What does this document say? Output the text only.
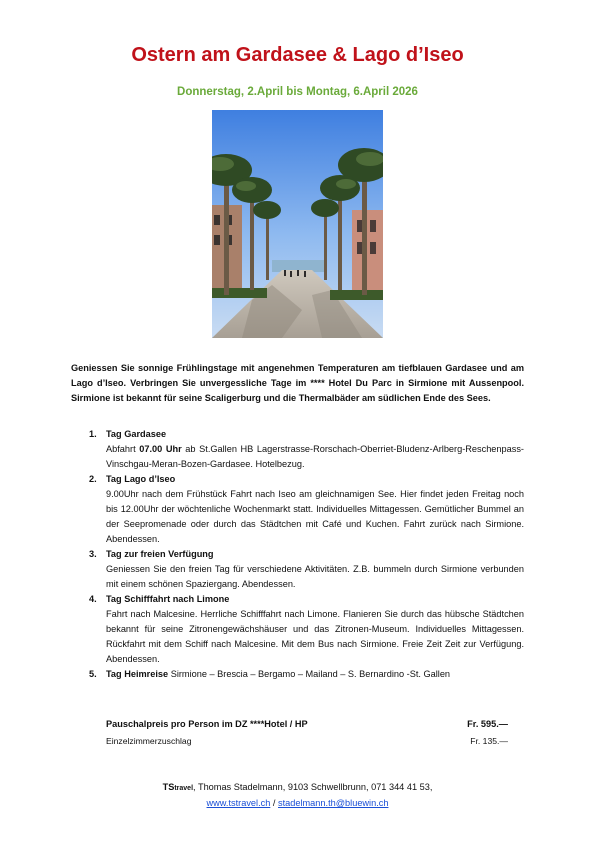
Ostern am Gardasee & Lago d’Iseo
Donnerstag, 2.April bis Montag, 6.April 2026

Geniessen Sie sonnige Frühlingstage mit angenehmen Temperaturen am tiefblauen Gardasee und am Lago d’Iseo. Verbringen Sie unvergessliche Tage im **** Hotel Du Parc in Sirmione mit Aussenpool. Sirmione ist bekannt für seine Scaligerburg und die Thermalbäder am südlichen Ende des Sees.

1. Tag Gardasee
Abfahrt 07.00 Uhr ab St.Gallen HB Lagerstrasse-Rorschach-Oberriet-Bludenz-Arlberg-Reschenpass-Vinschgau-Meran-Bozen-Gardasee. Hotelbezug.
2. Tag Lago d’Iseo
9.00Uhr nach dem Frühstück Fahrt nach Iseo am gleichnamigen See. Hier findet jeden Freitag noch bis 12.00Uhr der wöchtenliche Wochenmarkt statt. Individuelles Mittagessen. Gemütlicher Bummel an der Seepromenade oder durch das Städtchen mit Café und Kuchen. Fahrt zurück nach Sirmione. Abendessen.
3. Tag zur freien Verfügung
Geniessen Sie den freien Tag für verschiedene Aktivitäten. Z.B. bummeln durch Sirmione verbunden mit einem schönen Spaziergang. Abendessen.
4. Tag Schifffahrt nach Limone
Fahrt nach Malcesine. Herrliche Schifffahrt nach Limone. Flanieren Sie durch das hübsche Städtchen bekannt für seine Zitronengewächshäuser und das Zitronen-Museum. Individuelles Mittagessen. Rückfahrt mit dem Schiff nach Malcesine. Mit dem Bus nach Sirmione. Freie Zeit Zeit zur Verfügung. Abendessen.
5. Tag Heimreise Sirmione – Brescia – Bergamo – Mailand – S. Bernardino -St. Gallen
Pauschalpreis pro Person im DZ ****Hotel / HP	Fr. 595.—
Einzelzimmerzuschlag	Fr. 135.—
TStravel, Thomas Stadelmann, 9103 Schwellbrunn, 071 344 41 53,
www.tstravel.ch / stadelmann.th@bluewin.ch
